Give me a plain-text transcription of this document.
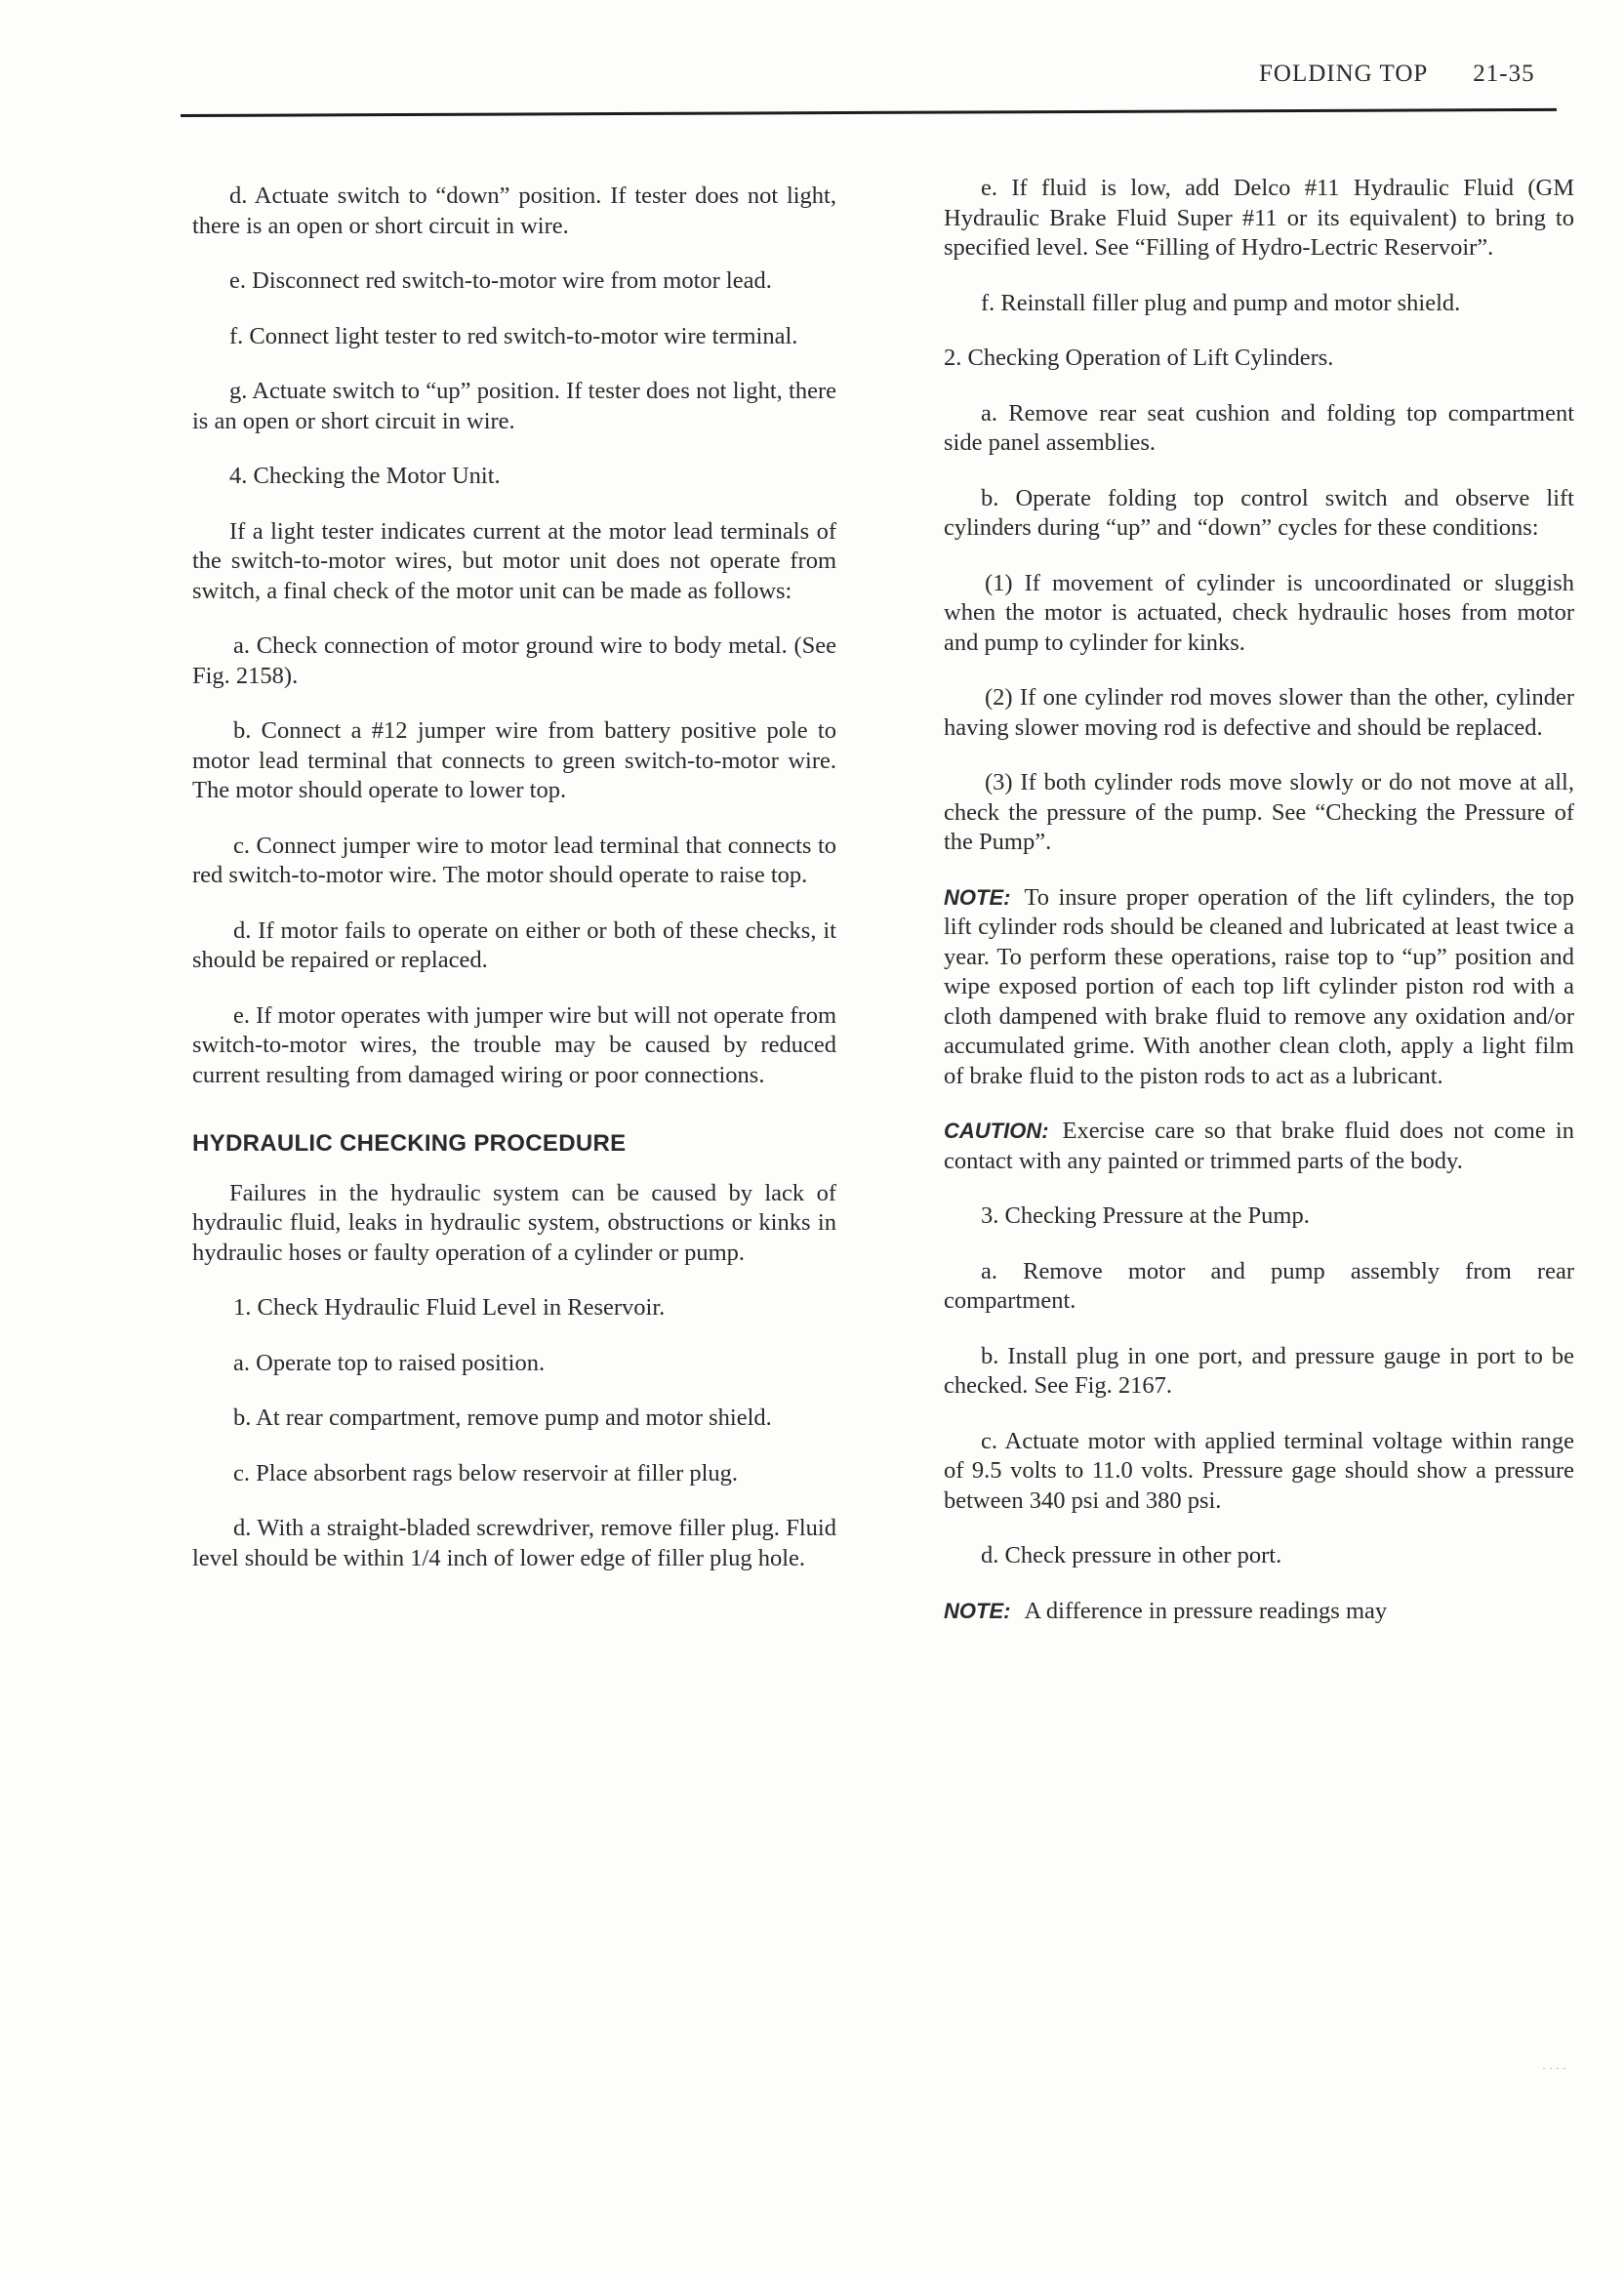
FOLDING TOP 21-35

d. Actuate switch to “down” position. If tester does not light, there is an open or short circuit in wire.

e. Disconnect red switch-to-motor wire from motor lead.

f. Connect light tester to red switch-to-motor wire terminal.

g. Actuate switch to “up” position. If tester does not light, there is an open or short circuit in wire.

4. Checking the Motor Unit.

If a light tester indicates current at the motor lead terminals of the switch-to-motor wires, but motor unit does not operate from switch, a final check of the motor unit can be made as follows:

a. Check connection of motor ground wire to body metal. (See Fig. 2158).

b. Connect a #12 jumper wire from battery positive pole to motor lead terminal that connects to green switch-to-motor wire. The motor should operate to lower top.

c. Connect jumper wire to motor lead terminal that connects to red switch-to-motor wire. The motor should operate to raise top.

d. If motor fails to operate on either or both of these checks, it should be repaired or replaced.

e. If motor operates with jumper wire but will not operate from switch-to-motor wires, the trouble may be caused by reduced current resulting from damaged wiring or poor connections.

HYDRAULIC CHECKING PROCEDURE

Failures in the hydraulic system can be caused by lack of hydraulic fluid, leaks in hydraulic system, obstructions or kinks in hydraulic hoses or faulty operation of a cylinder or pump.

1. Check Hydraulic Fluid Level in Reservoir.

a. Operate top to raised position.

b. At rear compartment, remove pump and motor shield.

c. Place absorbent rags below reservoir at filler plug.

d. With a straight-bladed screwdriver, remove filler plug. Fluid level should be within 1/4 inch of lower edge of filler plug hole.

e. If fluid is low, add Delco #11 Hydraulic Fluid (GM Hydraulic Brake Fluid Super #11 or its equivalent) to bring to specified level. See “Filling of Hydro-Lectric Reservoir”.

f. Reinstall filler plug and pump and motor shield.

2. Checking Operation of Lift Cylinders.

a. Remove rear seat cushion and folding top compartment side panel assemblies.

b. Operate folding top control switch and observe lift cylinders during “up” and “down” cycles for these conditions:

(1) If movement of cylinder is uncoordinated or sluggish when the motor is actuated, check hydraulic hoses from motor and pump to cylinder for kinks.

(2) If one cylinder rod moves slower than the other, cylinder having slower moving rod is defective and should be replaced.

(3) If both cylinder rods move slowly or do not move at all, check the pressure of the pump. See “Checking the Pressure of the Pump”.

NOTE: To insure proper operation of the lift cylinders, the top lift cylinder rods should be cleaned and lubricated at least twice a year. To perform these operations, raise top to “up” position and wipe exposed portion of each top lift cylinder piston rod with a cloth dampened with brake fluid to remove any oxidation and/or accumulated grime. With another clean cloth, apply a light film of brake fluid to the piston rods to act as a lubricant.

CAUTION: Exercise care so that brake fluid does not come in contact with any painted or trimmed parts of the body.

3. Checking Pressure at the Pump.

a. Remove motor and pump assembly from rear compartment.

b. Install plug in one port, and pressure gauge in port to be checked. See Fig. 2167.

c. Actuate motor with applied terminal voltage within range of 9.5 volts to 11.0 volts. Pressure gage should show a pressure between 340 psi and 380 psi.

d. Check pressure in other port.

NOTE: A difference in pressure readings may

····
